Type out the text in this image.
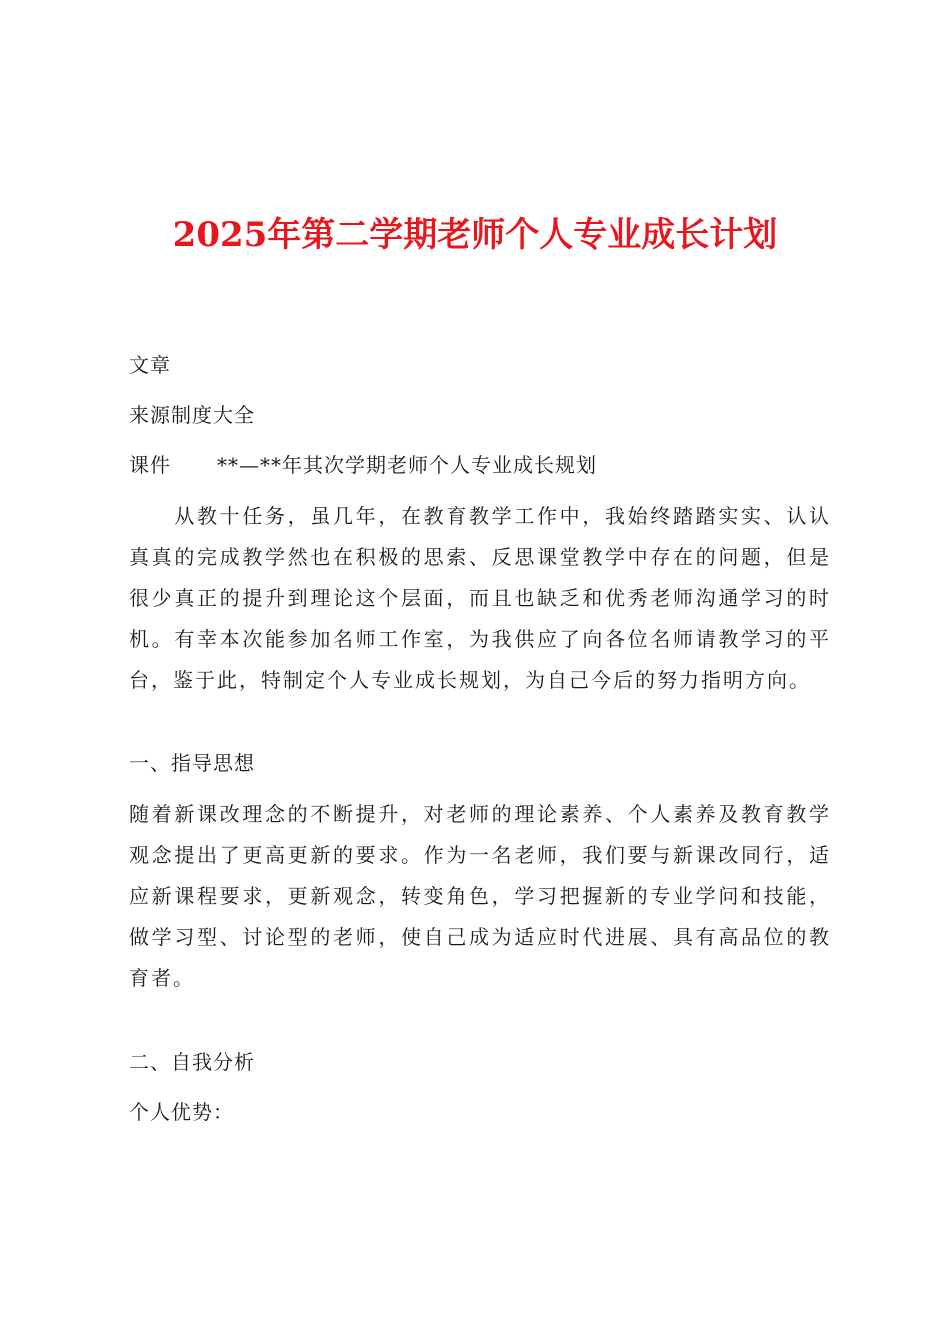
2025年第二学期老师个人专业成长计划
文章
来源制度大全
课件 **—**年其次学期老师个人专业成长规划
　　从教十任务，虽几年，在教育教学工作中，我始终踏踏实实、认认
真真的完成教学然也在积极的思索、反思课堂教学中存在的问题，但是
很少真正的提升到理论这个层面，而且也缺乏和优秀老师沟通学习的时
机。有幸本次能参加名师工作室，为我供应了向各位名师请教学习的平
台，鉴于此，特制定个人专业成长规划，为自己今后的努力指明方向。
一、指导思想
随着新课改理念的不断提升，对老师的理论素养、个人素养及教育教学
观念提出了更高更新的要求。作为一名老师，我们要与新课改同行，适
应新课程要求，更新观念，转变角色，学习把握新的专业学问和技能，
做学习型、讨论型的老师，使自己成为适应时代进展、具有高品位的教
育者。
二、自我分析
个人优势：
